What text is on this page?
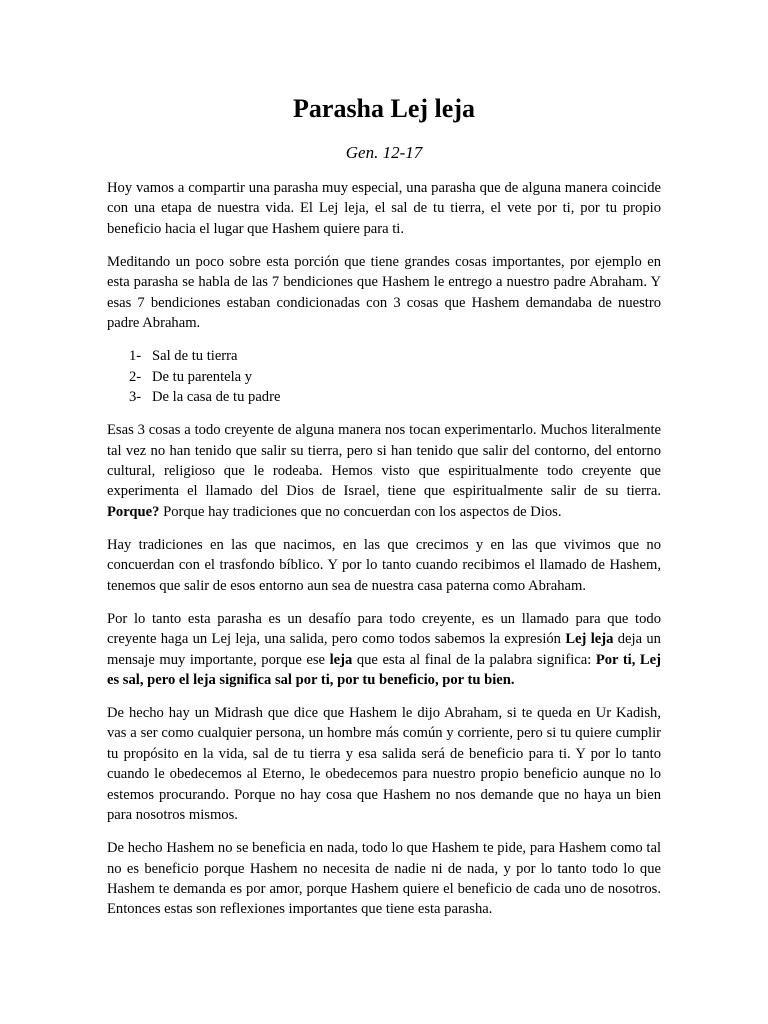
Parasha Lej leja
Gen. 12-17

Hoy vamos a compartir una parasha muy especial, una parasha que de alguna manera coincide con una etapa de nuestra vida. El Lej leja, el sal de tu tierra, el vete por ti, por tu propio beneficio hacia el lugar que Hashem quiere para ti.

Meditando un poco sobre esta porción que tiene grandes cosas importantes, por ejemplo en esta parasha se habla de las 7 bendiciones que Hashem le entrego a nuestro padre Abraham. Y esas 7 bendiciones estaban condicionadas con 3 cosas que Hashem demandaba de nuestro padre Abraham.

1- Sal de tu tierra
2- De tu parentela y
3- De la casa de tu padre

Esas 3 cosas a todo creyente de alguna manera nos tocan experimentarlo. Muchos literalmente tal vez no han tenido que salir su tierra, pero si han tenido que salir del contorno, del entorno cultural, religioso que le rodeaba. Hemos visto que espiritualmente todo creyente que experimenta el llamado del Dios de Israel, tiene que espiritualmente salir de su tierra. Porque? Porque hay tradiciones que no concuerdan con los aspectos de Dios.

Hay tradiciones en las que nacimos, en las que crecimos y en las que vivimos que no concuerdan con el trasfondo bíblico. Y por lo tanto cuando recibimos el llamado de Hashem, tenemos que salir de esos entorno aun sea de nuestra casa paterna como Abraham.

Por lo tanto esta parasha es un desafío para todo creyente, es un llamado para que todo creyente haga un Lej leja, una salida, pero como todos sabemos la expresión Lej leja deja un mensaje muy importante, porque ese leja que esta al final de la palabra significa: Por ti, Lej es sal, pero el leja significa sal por ti, por tu beneficio, por tu bien.

De hecho hay un Midrash que dice que Hashem le dijo Abraham, si te queda en Ur Kadish, vas a ser como cualquier persona, un hombre más común y corriente, pero si tu quiere cumplir tu propósito en la vida, sal de tu tierra y esa salida será de beneficio para ti. Y por lo tanto cuando le obedecemos al Eterno, le obedecemos para nuestro propio beneficio aunque no lo estemos procurando. Porque no hay cosa que Hashem no nos demande que no haya un bien para nosotros mismos.

De hecho Hashem no se beneficia en nada, todo lo que Hashem te pide, para Hashem como tal no es beneficio porque Hashem no necesita de nadie ni de nada, y por lo tanto todo lo que Hashem te demanda es por amor, porque Hashem quiere el beneficio de cada uno de nosotros. Entonces estas son reflexiones importantes que tiene esta parasha.
